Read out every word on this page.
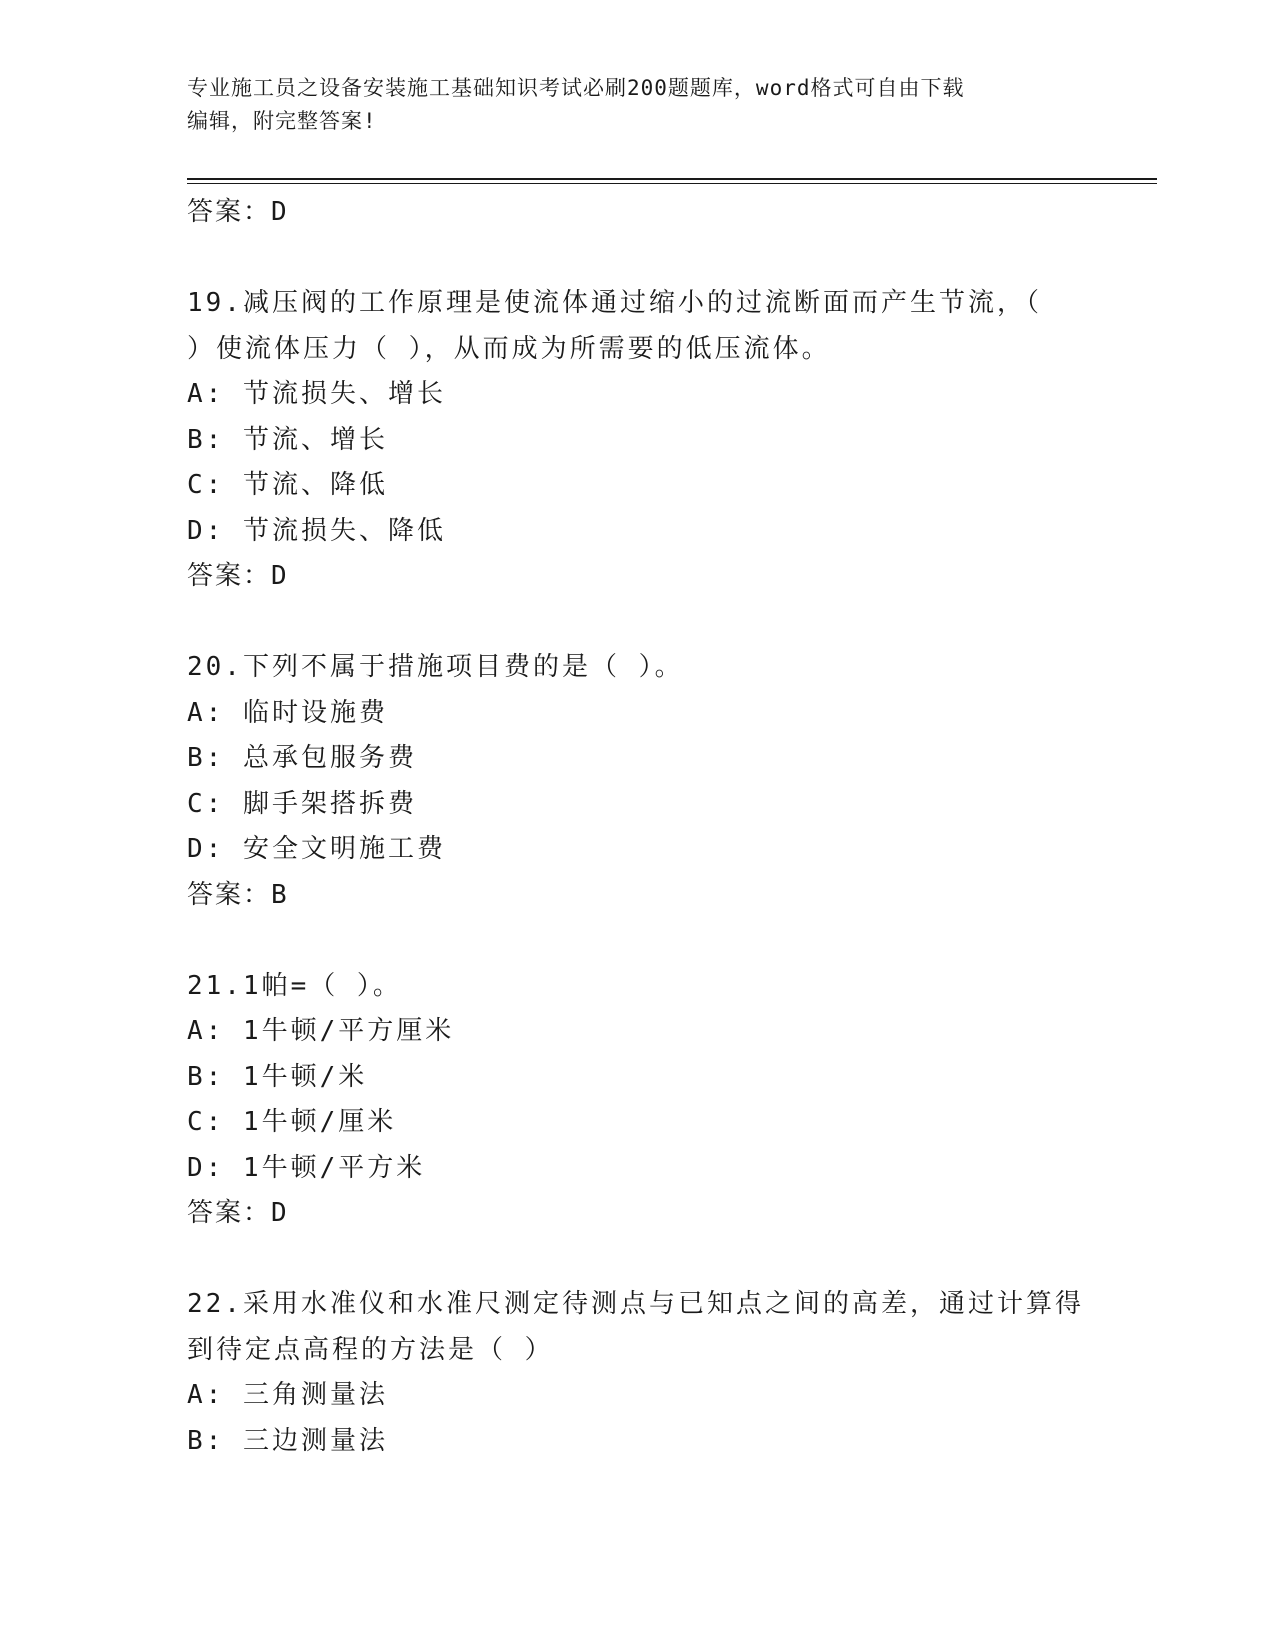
专业施工员之设备安装施工基础知识考试必刷200题题库，word格式可自由下载
编辑，附完整答案!
答案：D
19.减压阀的工作原理是使流体通过缩小的过流断面而产生节流，（
）使流体压力（ ），从而成为所需要的低压流体。
A: 节流损失、增长
B: 节流、增长
C: 节流、降低
D: 节流损失、降低
答案：D
20.下列不属于措施项目费的是（ ）。
A: 临时设施费
B: 总承包服务费
C: 脚手架搭拆费
D: 安全文明施工费
答案：B
21.1帕=（ ）。
A: 1牛顿/平方厘米
B: 1牛顿/米
C: 1牛顿/厘米
D: 1牛顿/平方米
答案：D
22.采用水准仪和水准尺测定待测点与已知点之间的高差，通过计算得
到待定点高程的方法是（ ）
A: 三角测量法
B: 三边测量法
